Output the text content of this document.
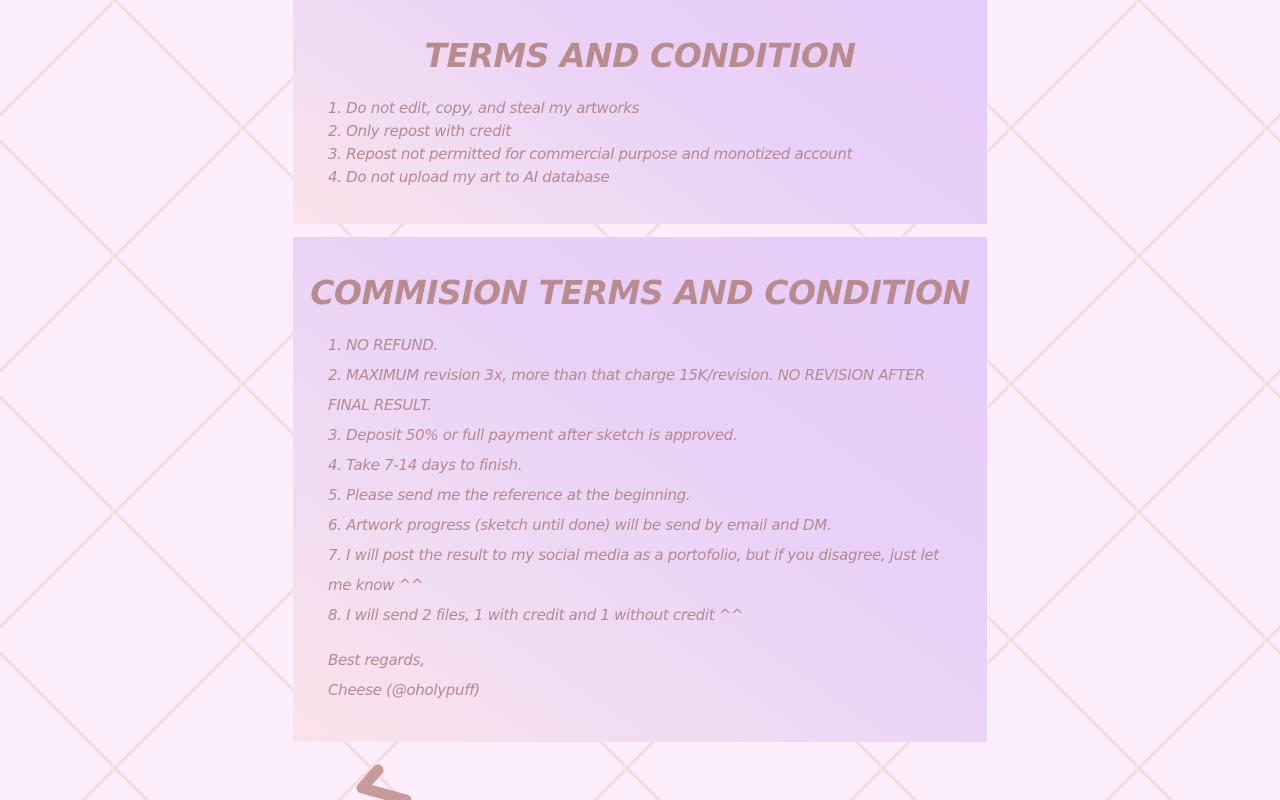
TERMS AND CONDITION
1. Do not edit, copy, and steal my artworks
2. Only repost with credit
3. Repost not permitted for commercial purpose and monotized account
4. Do not upload my art to AI database
COMMISION TERMS AND CONDITION
1. NO REFUND.
2. MAXIMUM revision 3x, more than that charge 15K/revision. NO REVISION AFTER FINAL RESULT.
3. Deposit 50% or full payment after sketch is approved.
4. Take 7-14 days to finish.
5. Please send me the reference at the beginning.
6. Artwork progress (sketch until done) will be send by email and DM.
7. I will post the result to my social media as a portofolio, but if you disagree, just let me know ^^
8. I will send 2 files, 1 with credit and 1 without credit ^^
Best regards,
Cheese (@oholypuff)
